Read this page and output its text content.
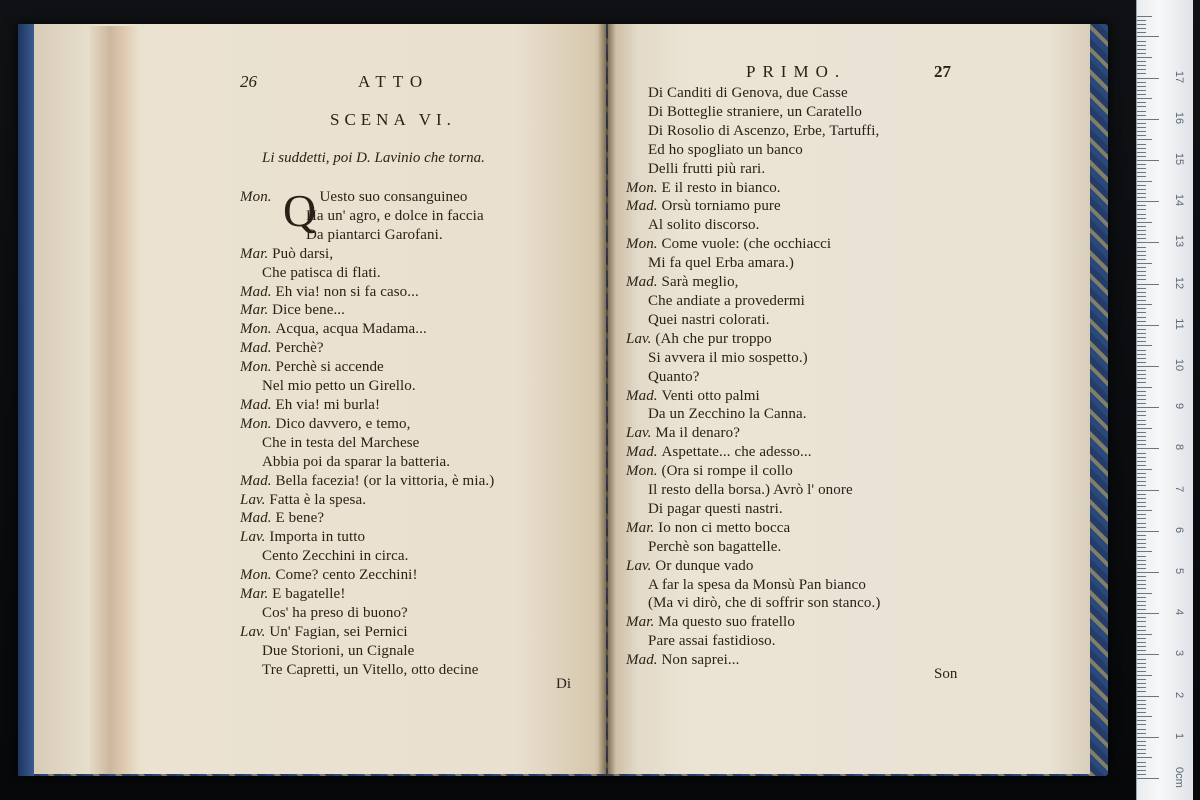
26	ATTO
SCENA VI.
Li suddetti, poi D. Lavinio che torna.
Q
Mon.	Uesto suo consanguineo
Ha un' agro, e dolce in faccia
Da piantarci Garofani.
Mar. Può darsi,
Che patisca di flati.
Mad. Eh via! non si fa caso...
Mar. Dice bene...
Mon. Acqua, acqua Madama...
Mad. Perchè?
Mon. Perchè si accende
Nel mio petto un Girello.
Mad. Eh via! mi burla!
Mon. Dico davvero, e temo,
Che in testa del Marchese
Abbia poi da sparar la batteria.
Mad. Bella facezia! (or la vittoria, è mia.)
Lav. Fatta è la spesa.
Mad. E bene?
Lav. Importa in tutto
Cento Zecchini in circa.
Mon. Come? cento Zecchini!
Mar. E bagatelle!
Cos' ha preso di buono?
Lav. Un' Fagian, sei Pernici
Due Storioni, un Cignale
Tre Capretti, un Vitello, otto decine
Di
PRIMO.	27
Di Canditi di Genova, due Casse
Di Botteglie straniere, un Caratello
Di Rosolio di Ascenzo, Erbe, Tartuffi,
Ed ho spogliato un banco
Delli frutti più rari.
Mon. E il resto in bianco.
Mad. Orsù torniamo pure
Al solito discorso.
Mon. Come vuole: (che occhiacci
Mi fa quel Erba amara.)
Mad. Sarà meglio,
Che andiate a provedermi
Quei nastri colorati.
Lav. (Ah che pur troppo
Si avvera il mio sospetto.)
Quanto?
Mad. Venti otto palmi
Da un Zecchino la Canna.
Lav. Ma il denaro?
Mad. Aspettate... che adesso...
Mon. (Ora si rompe il collo
Il resto della borsa.) Avrò l' onore
Di pagar questi nastri.
Mar. Io non ci metto bocca
Perchè son bagattelle.
Lav. Or dunque vado
A far la spesa da Monsù Pan bianco
(Ma vi dirò, che di soffrir son stanco.)
Mar. Ma questo suo fratello
Pare assai fastidioso.
Mad. Non saprei...
Son
0cm
1
2
3
4
5
6
7
8
9
10
11
12
13
14
15
16
17
